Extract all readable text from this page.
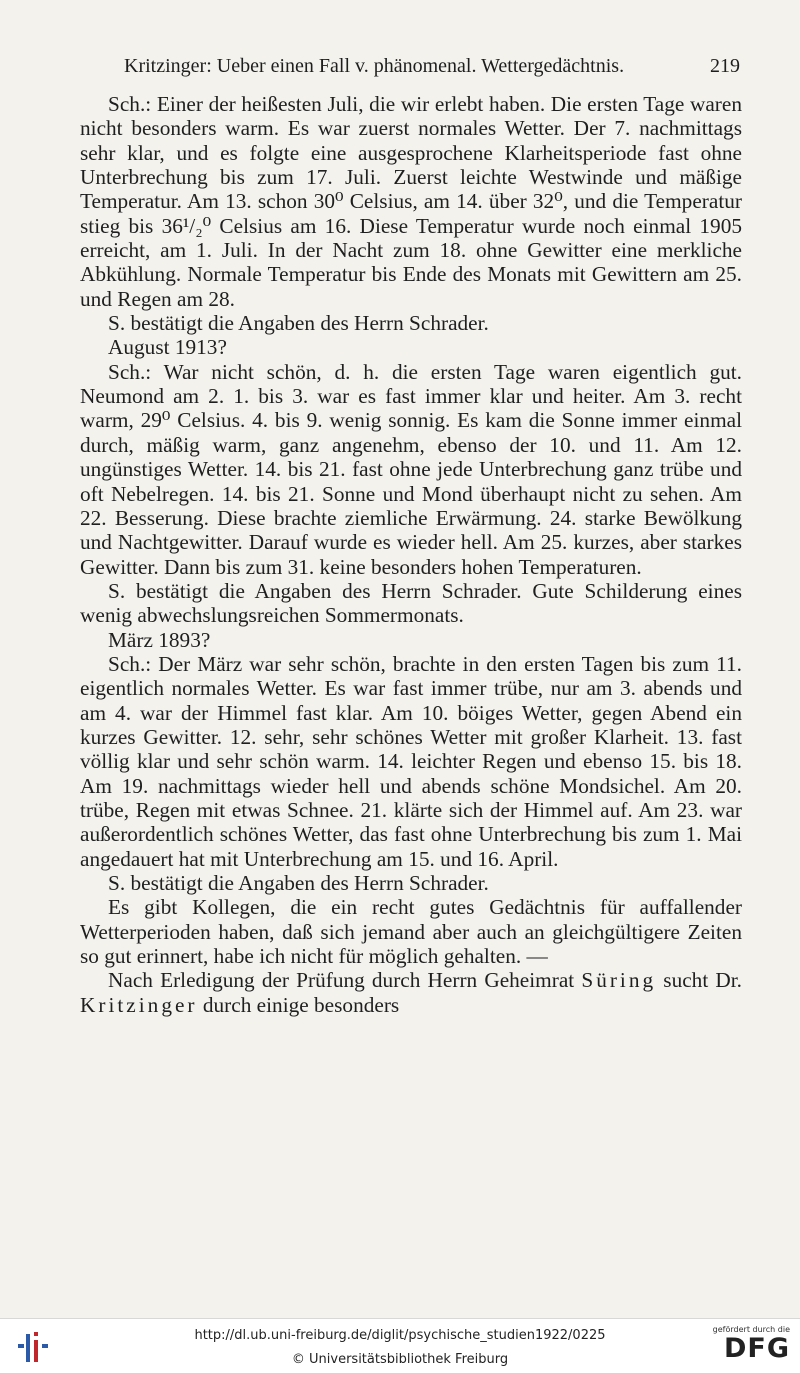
Kritzinger: Ueber einen Fall v. phänomenal. Wettergedächtnis.	219

Sch.: Einer der heißesten Juli, die wir erlebt haben. Die ersten Tage waren nicht besonders warm. Es war zuerst normales Wetter. Der 7. nachmittags sehr klar, und es folgte eine ausgesprochene Klarheitsperiode fast ohne Unterbrechung bis zum 17. Juli. Zuerst leichte Westwinde und mäßige Temperatur. Am 13. schon 30⁰ Celsius, am 14. über 32⁰, und die Temperatur stieg bis 36¹/₂⁰ Celsius am 16. Diese Temperatur wurde noch einmal 1905 erreicht, am 1. Juli. In der Nacht zum 18. ohne Gewitter eine merkliche Abkühlung. Normale Temperatur bis Ende des Monats mit Gewittern am 25. und Regen am 28.

S. bestätigt die Angaben des Herrn Schrader.

August 1913?

Sch.: War nicht schön, d. h. die ersten Tage waren eigentlich gut. Neumond am 2. 1. bis 3. war es fast immer klar und heiter. Am 3. recht warm, 29⁰ Celsius. 4. bis 9. wenig sonnig. Es kam die Sonne immer einmal durch, mäßig warm, ganz angenehm, ebenso der 10. und 11. Am 12. ungünstiges Wetter. 14. bis 21. fast ohne jede Unterbrechung ganz trübe und oft Nebelregen. 14. bis 21. Sonne und Mond überhaupt nicht zu sehen. Am 22. Besserung. Diese brachte ziemliche Erwärmung. 24. starke Bewölkung und Nachtgewitter. Darauf wurde es wieder hell. Am 25. kurzes, aber starkes Gewitter. Dann bis zum 31. keine besonders hohen Temperaturen.

S. bestätigt die Angaben des Herrn Schrader. Gute Schilderung eines wenig abwechslungsreichen Sommermonats.

März 1893?

Sch.: Der März war sehr schön, brachte in den ersten Tagen bis zum 11. eigentlich normales Wetter. Es war fast immer trübe, nur am 3. abends und am 4. war der Himmel fast klar. Am 10. böiges Wetter, gegen Abend ein kurzes Gewitter. 12. sehr, sehr schönes Wetter mit großer Klarheit. 13. fast völlig klar und sehr schön warm. 14. leichter Regen und ebenso 15. bis 18. Am 19. nachmittags wieder hell und abends schöne Mondsichel. Am 20. trübe, Regen mit etwas Schnee. 21. klärte sich der Himmel auf. Am 23. war außerordentlich schönes Wetter, das fast ohne Unterbrechung bis zum 1. Mai angedauert hat mit Unterbrechung am 15. und 16. April.

S. bestätigt die Angaben des Herrn Schrader.

Es gibt Kollegen, die ein recht gutes Gedächtnis für auffallender Wetterperioden haben, daß sich jemand aber auch an gleichgültigere Zeiten so gut erinnert, habe ich nicht für möglich gehalten. —

Nach Erledigung der Prüfung durch Herrn Geheimrat Süring sucht Dr. Kritzinger durch einige besonders

http://dl.ub.uni-freiburg.de/diglit/psychische_studien1922/0225
© Universitätsbibliothek Freiburg
gefördert durch die
DFG
